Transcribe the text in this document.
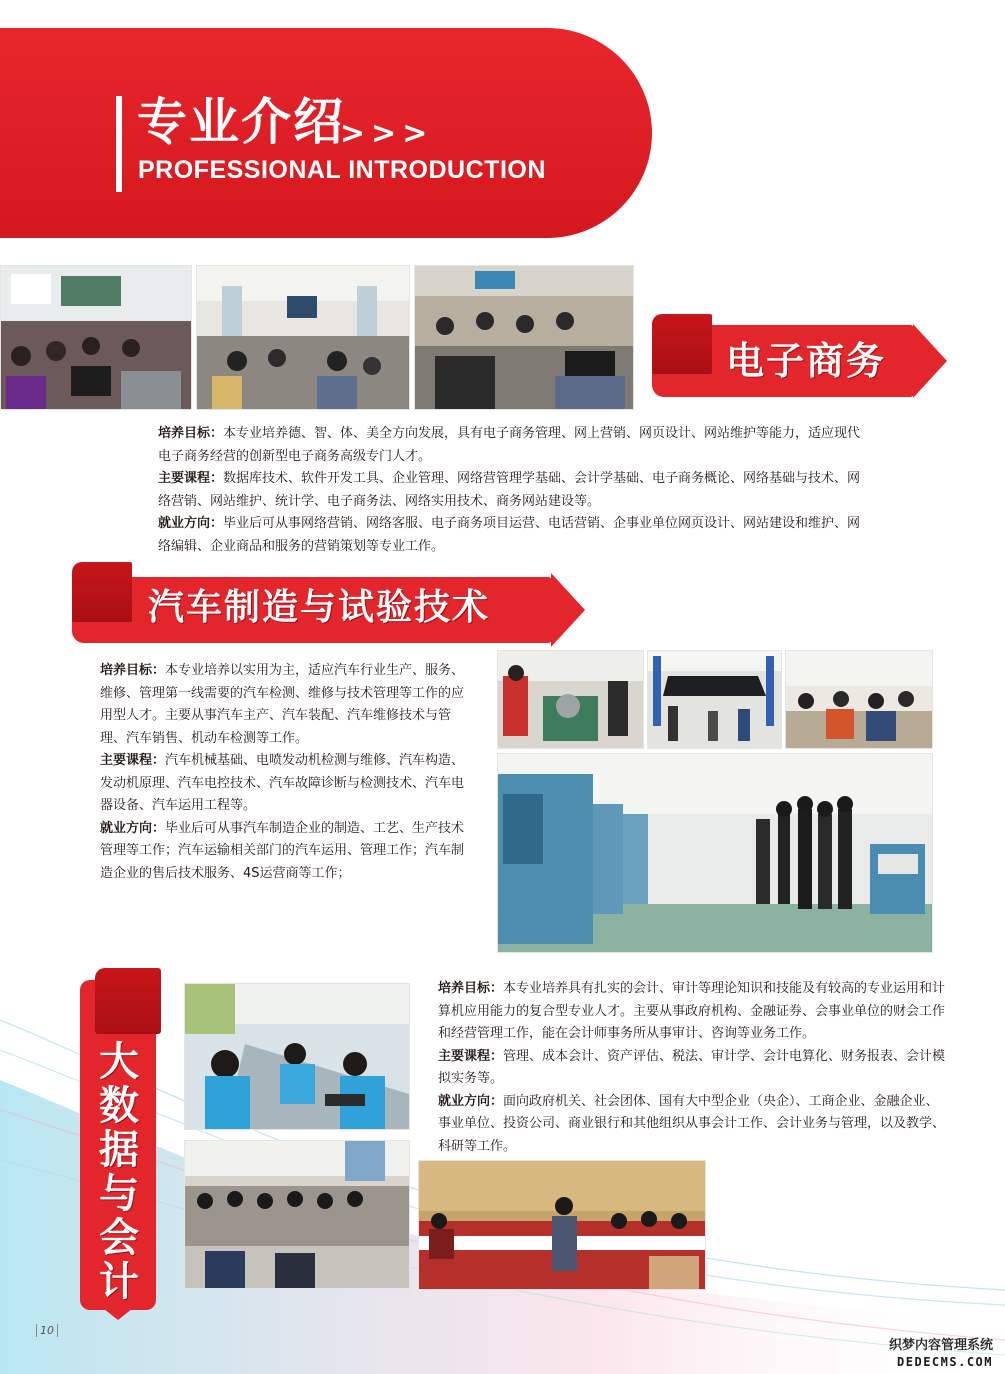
专业介绍
>>>
PROFESSIONAL INTRODUCTION
电子商务

培养目标：本专业培养德、智、体、美全方向发展，具有电子商务管理、网上营销、网页设计、网站维护等能力，适应现代电子商务经营的创新型电子商务高级专门人才。

主要课程：数据库技术、软件开发工具、企业管理、网络营管理学基础、会计学基础、电子商务概论、网络基础与技术、网络营销、网站维护、统计学、电子商务法、网络实用技术、商务网站建设等。

就业方向：毕业后可从事网络营销、网络客服、电子商务项目运营、电话营销、企事业单位网页设计、网站建设和维护、网络编辑、企业商品和服务的营销策划等专业工作。

汽车制造与试验技术

培养目标：本专业培养以实用为主，适应汽车行业生产、服务、维修、管理第一线需要的汽车检测、维修与技术管理等工作的应用型人才。主要从事汽车主产、汽车装配、汽车维修技术与管理、汽车销售、机动车检测等工作。

主要课程：汽车机械基础、电喷发动机检测与维修、汽车构造、发动机原理、汽车电控技术、汽车故障诊断与检测技术、汽车电器设备、汽车运用工程等。

就业方向：毕业后可从事汽车制造企业的制造、工艺、生产技术管理等工作；汽车运输相关部门的汽车运用、管理工作；汽车制造企业的售后技术服务、4S运营商等工作；

大
数
据
与
会
计

培养目标：本专业培养具有扎实的会计、审计等理论知识和技能及有较高的专业运用和计算机应用能力的复合型专业人才。主要从事政府机构、金融证券、会事业单位的财会工作和经营管理工作，能在会计师事务所从事审计、咨询等业务工作。

主要课程：管理、成本会计、资产评估、税法、审计学、会计电算化、财务报表、会计模拟实务等。

就业方向：面向政府机关、社会团体、国有大中型企业（央企）、工商企业、金融企业、事业单位、投资公司、商业银行和其他组织从事会计工作、会计业务与管理，以及教学、科研等工作。

10
织梦内容管理系统
DEDECMS.COM
